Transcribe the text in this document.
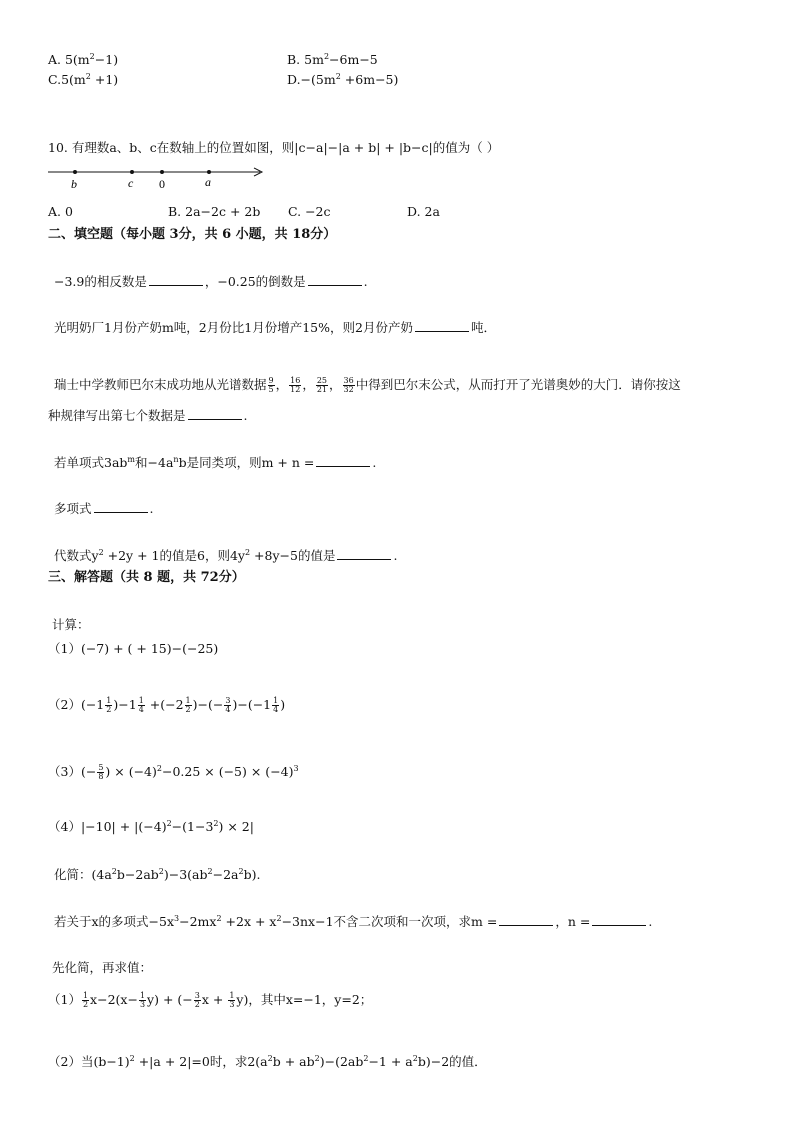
A. $5(m^2-1)$	B. $5m^2-6m-5$
$C.5(m^2 +1)$	$D.-(5m^2 +6m-5)$
10. 有理数a、b、c在数轴上的位置如图，则|c−a|−|a + b| + |b−c|的值为（ ）
b	c 0	a
A. 0	B. 2a−2c + 2b C. −2c	D. 2a
二、填空题（每小题 3分，共 6 小题，共 18分）
−3.9的相反数是	，−0.25的倒数是	.
光明奶厂1月份产奶m吨，2月份比1月份增产15%，则2月份产奶	吨．
瑞士中学教师巴尔末成功地从光谱数据 $\frac{9}{5}$ ， $\frac{16}{12}$ ， $\frac{25}{21}$ ， $\frac{36}{32}$ 中得到巴尔末公式，从而打开了光谱奥妙的大门．请你按这
种规律写出第七个数据是	.
若单项式$3ab^m$和$-4a^nb$是同类项，则m + n =	.
多项式	.
代数式$y^2 +2y + 1$的值是6，则$4y^2 +8y-5$的值是	.
三、解答题（共 8 题，共 72分）
计算：
（1）(−7) + ( + 15)−(−25)
$(2)(-1 \frac{1}{2} )-1 \frac{1}{4} +(-2 \frac{1}{2}$ )−(− $\frac{3}{4} )-(-1 \frac{1}{4}$ )
$(3)(- \frac{5}{8}$ ) × $(-4)^2-0.25 \times (-5) \times (-4)^3$
$(4)|-10| + |(-4)^2-(1-3^2) \times 2|$
化简：$(4a^2b-2ab^2)-3(ab^2-2a^2b)$.
若关于x的多项式$-5x^3-2mx^2 +2x + x^2-3nx-1$不含二次项和一次项，求m =	，n =	.
先化简，再求值：
$(1) \frac{1}{2} x-2(x- \frac{1}{3} y)$ + (− $\frac{3}{2}$ $x + \frac{1}{3} y$)，其中x=−1，y=2；
（2）当$(b-1)^2 +|a + 2|=0$时，求$2(a^2b + ab^2)-(2ab^2-1 + a^2b)-2$的值．
